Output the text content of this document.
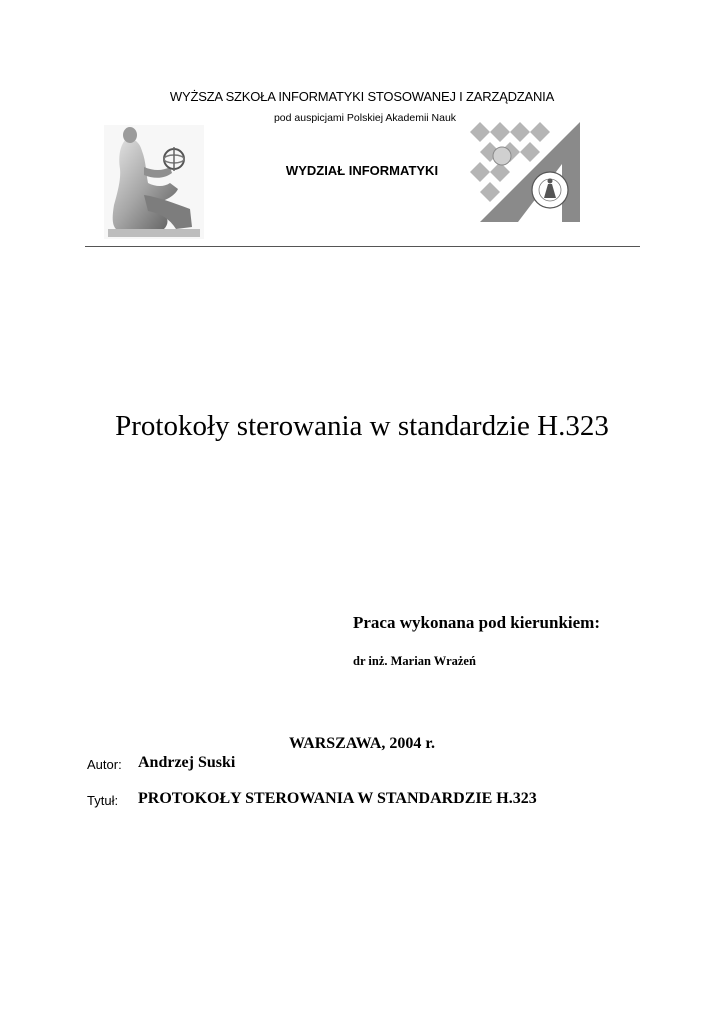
WYŻSZA SZKOŁA INFORMATYKI STOSOWANEJ I ZARZĄDZANIA
pod auspicjami Polskiej Akademii Nauk
WYDZIAŁ INFORMATYKI
Protokoły sterowania w standardzie H.323
Praca wykonana pod kierunkiem:
dr inż. Marian Wrażeń
WARSZAWA, 2004 r.
Autor: Andrzej Suski
Tytuł: PROTOKOŁY STEROWANIA W STANDARDZIE H.323
